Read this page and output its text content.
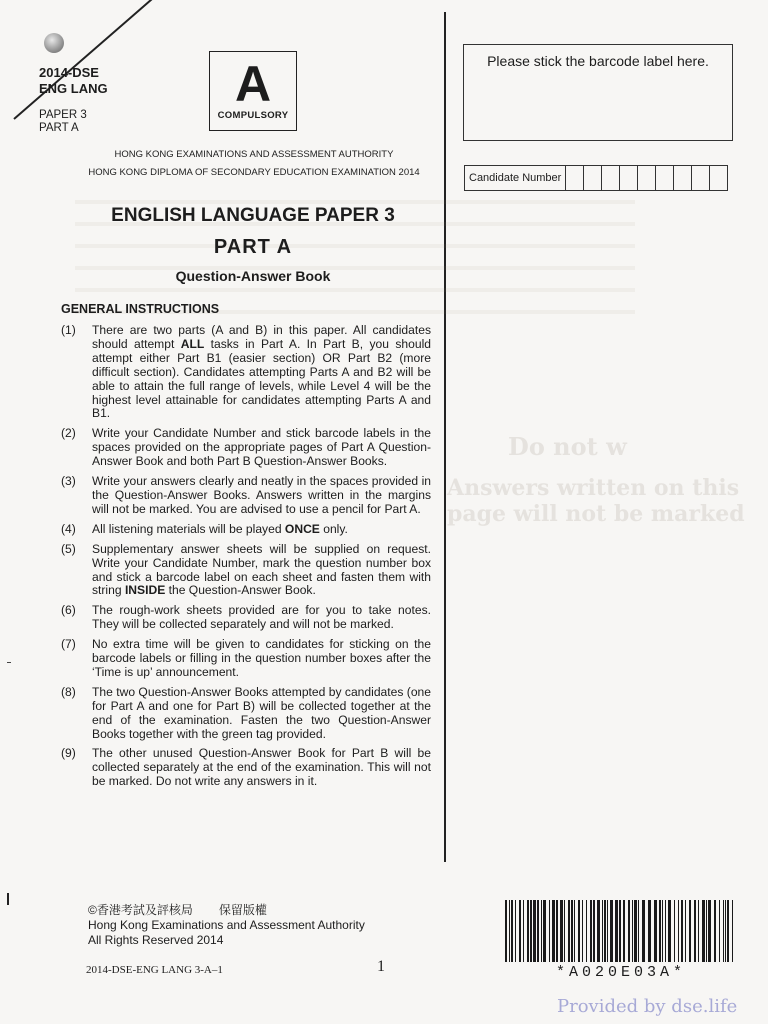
2014-DSE
ENG LANG
PAPER 3
PART A
A
COMPULSORY
HONG KONG EXAMINATIONS AND ASSESSMENT AUTHORITY
HONG KONG DIPLOMA OF SECONDARY EDUCATION EXAMINATION 2014
Please stick the barcode label here.
Candidate Number
Do not w
Answers written on this page will not be marked
ENGLISH LANGUAGE PAPER 3
PART A
Question-Answer Book
GENERAL INSTRUCTIONS
(1)	There are two parts (A and B) in this paper. All candidates should attempt ALL tasks in Part A. In Part B, you should attempt either Part B1 (easier section) OR Part B2 (more difficult section). Candidates attempting Parts A and B2 will be able to attain the full range of levels, while Level 4 will be the highest level attainable for candidates attempting Parts A and B1.
(2)	Write your Candidate Number and stick barcode labels in the spaces provided on the appropriate pages of Part A Question-Answer Book and both Part B Question-Answer Books.
(3)	Write your answers clearly and neatly in the spaces provided in the Question-Answer Books. Answers written in the margins will not be marked. You are advised to use a pencil for Part A.
(4)	All listening materials will be played ONCE only.
(5)	Supplementary answer sheets will be supplied on request. Write your Candidate Number, mark the question number box and stick a barcode label on each sheet and fasten them with string INSIDE the Question-Answer Book.
(6)	The rough-work sheets provided are for you to take notes. They will be collected separately and will not be marked.
(7)	No extra time will be given to candidates for sticking on the barcode labels or filling in the question number boxes after the ‘Time is up’ announcement.
(8)	The two Question-Answer Books attempted by candidates (one for Part A and one for Part B) will be collected together at the end of the examination. Fasten the two Question-Answer Books together with the green tag provided.
(9)	The other unused Question-Answer Book for Part B will be collected separately at the end of the examination. This will not be marked. Do not write any answers in it.
©香港考試及評核局 保留版權
Hong Kong Examinations and Assessment Authority
All Rights Reserved 2014
2014-DSE-ENG LANG 3-A–1	1	*A020E03A*
Provided by dse.life
